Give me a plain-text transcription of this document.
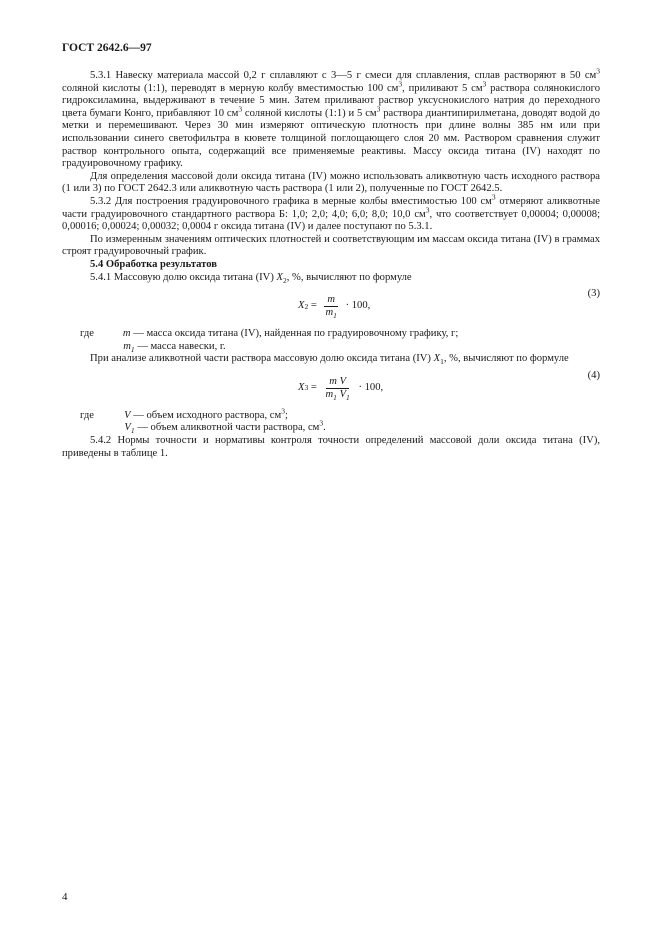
ГОСТ 2642.6—97

5.3.1 Навеску материала массой 0,2 г сплавляют с 3—5 г смеси для сплавления, сплав растворяют в 50 $см^3$ соляной кислоты (1:1), переводят в мерную колбу вместимостью 100 $см^3$, приливают 5 $см^3$ раствора солянокислого гидроксиламина, выдерживают в течение 5 мин. Затем приливают раствор уксуснокислого натрия до переходного цвета бумаги Конго, прибавляют 10 $см^3$ соляной кислоты (1:1) и 5 $см^3$ раствора диантипирилметана, доводят водой до метки и перемешивают. Через 30 мин измеряют оптическую плотность при длине волны 385 нм или при использовании синего светофильтра в кювете толщиной поглощающего слоя 20 мм. Раствором сравнения служит раствор контрольного опыта, содержащий все применяемые реактивы. Массу оксида титана (IV) находят по градуировочному графику.

Для определения массовой доли оксида титана (IV) можно использовать аликвотную часть исходного раствора (1 или 3) по ГОСТ 2642.3 или аликвотную часть раствора (1 или 2), полученные по ГОСТ 2642.5.

5.3.2 Для построения градуировочного графика в мерные колбы вместимостью 100 $см^3$ отмеряют аликвотные части градуировочного стандартного раствора Б: 1,0; 2,0; 4,0; 6,0; 8,0; 10,0 $см^3$, что соответствует 0,00004; 0,00008; 0,00016; 0,00024; 0,00032; 0,0004 г оксида титана (IV) и далее поступают по 5.3.1.

По измеренным значениям оптических плотностей и соответствующим им массам оксида титана (IV) в граммах строят градуировочный график.

5.4 Обработка результатов

5.4.1 Массовую долю оксида титана (IV) $X_2$, %, вычисляют по формуле

X $2 = \frac{m}{m_1} \cdot 100$,
(3)

где	m — масса оксида титана (IV), найденная по градуировочному графику, г;

$m_1$ — масса навески, г.

При анализе аликвотной части раствора массовую долю оксида титана (IV) $X_1$, %, вычисляют по формуле

X $3 = \frac{\text{m V}}{m_1 V_1} \cdot 100$,
(4)

где	V — объем исходного раствора, $см^3$;

$V_1$ — объем аликвотной части раствора, $см^3$.

5.4.2 Нормы точности и нормативы контроля точности определений массовой доли оксида титана (IV), приведены в таблице 1.

4
